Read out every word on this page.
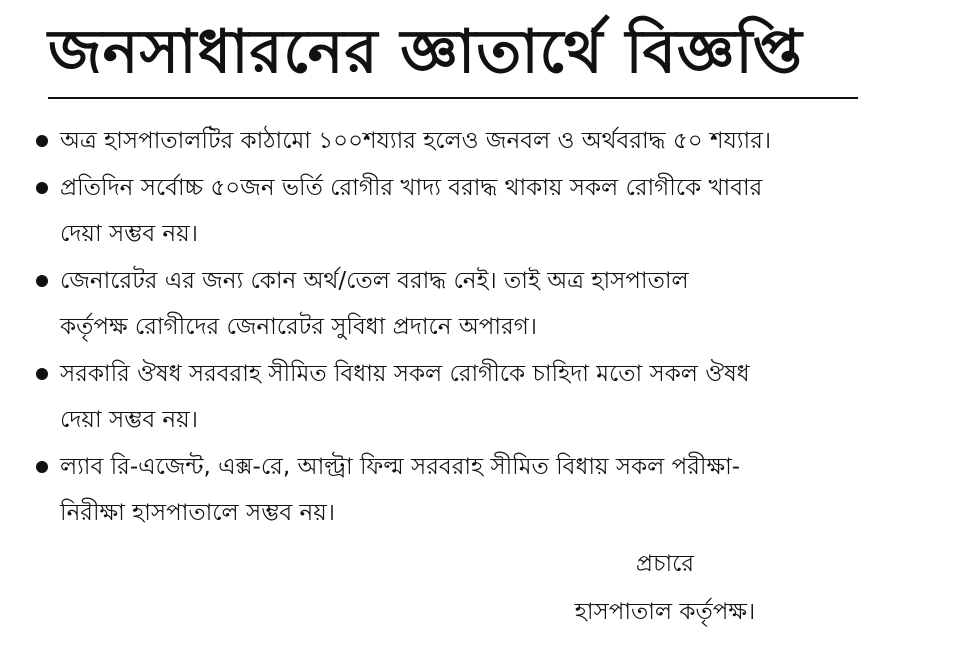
জনসাধারনের জ্ঞাতার্থে বিজ্ঞপ্তি
অত্র হাসপাতালটির কাঠামো ১০০শয্যার হলেও জনবল ও অর্থবরাদ্ধ ৫০ শয্যার।
প্রতিদিন সর্বোচ্চ ৫০জন ভর্তি রোগীর খাদ্য বরাদ্ধ থাকায় সকল রোগীকে খাবার
দেয়া সম্ভব নয়।
জেনারেটর এর জন্য কোন অর্থ/তেল বরাদ্ধ নেই। তাই অত্র হাসপাতাল
কর্তৃপক্ষ রোগীদের জেনারেটর সুবিধা প্রদানে অপারগ।
সরকারি ঔষধ সরবরাহ সীমিত বিধায় সকল রোগীকে চাহিদা মতো সকল ঔষধ
দেয়া সম্ভব নয়।
ল্যাব রি-এজেন্ট, এক্স-রে, আল্ট্রা ফিল্ম সরবরাহ সীমিত বিধায় সকল পরীক্ষা-
নিরীক্ষা হাসপাতালে সম্ভব নয়।
প্রচারে
হাসপাতাল কর্তৃপক্ষ।
